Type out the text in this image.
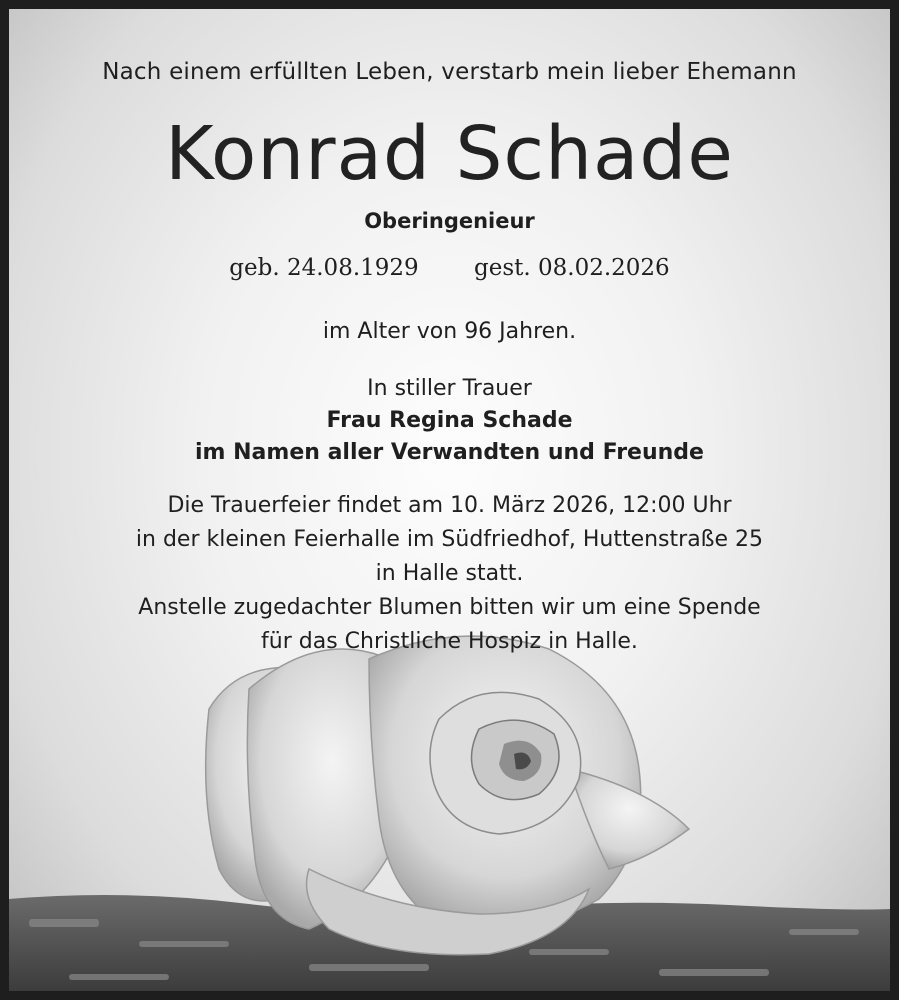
Nach einem erfüllten Leben, verstarb mein lieber Ehemann
Konrad Schade
Oberingenieur
geb. 24.08.1929 gest. 08.02.2026
im Alter von 96 Jahren.
In stiller Trauer
Frau Regina Schade
im Namen aller Verwandten und Freunde
Die Trauerfeier findet am 10. März 2026, 12:00 Uhr
in der kleinen Feierhalle im Südfriedhof, Huttenstraße 25
in Halle statt.
Anstelle zugedachter Blumen bitten wir um eine Spende
für das Christliche Hospiz in Halle.
